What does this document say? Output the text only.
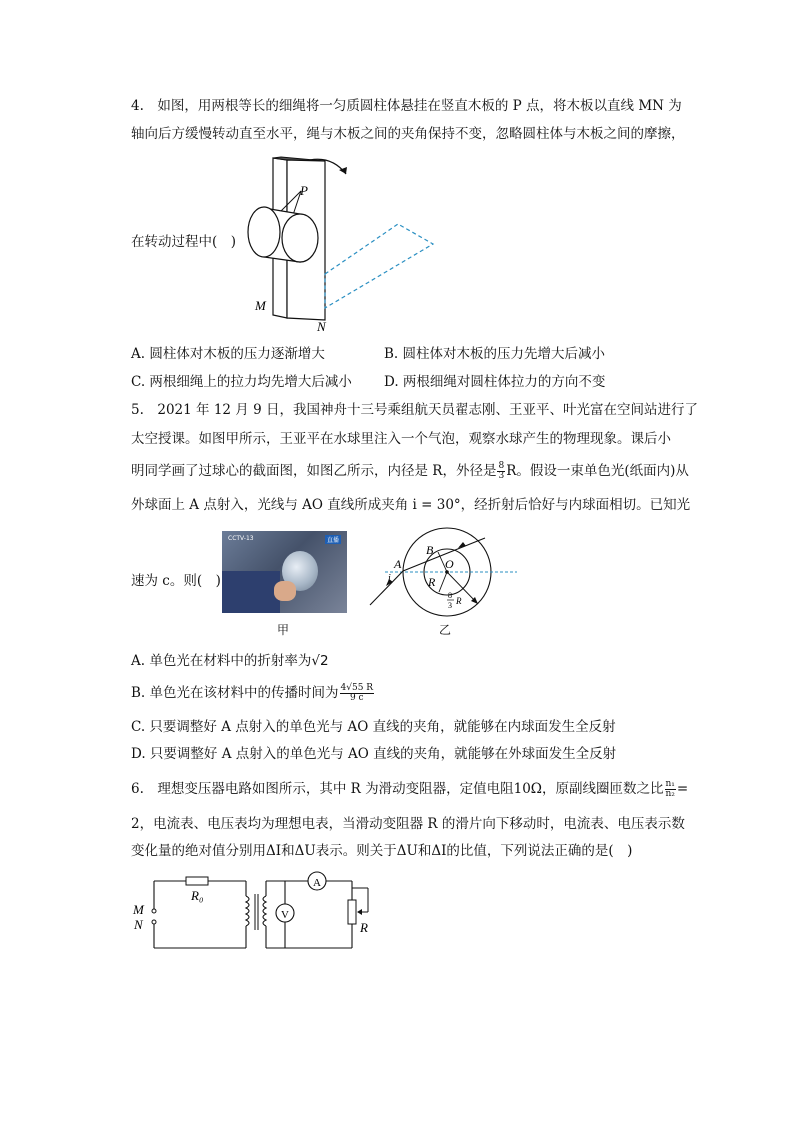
4.　如图，用两根等长的细绳将一匀质圆柱体悬挂在竖直木板的 P 点，将木板以直线 MN 为
轴向后方缓慢转动直至水平，绳与木板之间的夹角保持不变，忽略圆柱体与木板之间的摩擦，
P
M
N
在转动过程中(　)
A. 圆柱体对木板的压力逐渐增大	B. 圆柱体对木板的压力先增大后减小
C. 两根细绳上的拉力均先增大后减小 D. 两根细绳对圆柱体拉力的方向不变
5.　2021 年 12 月 9 日，我国神舟十三号乘组航天员翟志刚、王亚平、叶光富在空间站进行了
太空授课。如图甲所示，王亚平在水球里注入一个气泡，观察水球产生的物理现象。课后小
明同学画了过球心的截面图，如图乙所示，内径是 R，外径是 $\frac{8}{3}$ R。假设一束单色光(纸面内)从
外球面上 A 点射入，光线与 AO 直线所成夹角 i = 30°，经折射后恰好与内球面相切。已知光
速为 c。则(　)
CCTV-13	直播
甲
B
A
i
O
R
8
3 R
乙
A. 单色光在材料中的折射率为√2
B. 单色光在该材料中的传播时间为 $\frac{4√55 R}{9 c}$
C. 只要调整好 A 点射入的单色光与 AO 直线的夹角，就能够在内球面发生全反射
D. 只要调整好 A 点射入的单色光与 AO 直线的夹角，就能够在外球面发生全反射
6.　理想变压器电路如图所示，其中 R 为滑动变阻器，定值电阻10Ω，原副线圈匝数之比 $\frac{\text{n₁}}{\text{n₂}}$ =
2，电流表、电压表均为理想电表，当滑动变阻器 R 的滑片向下移动时，电流表、电压表示数
变化量的绝对值分别用ΔI和ΔU表示。则关于ΔU和ΔI的比值，下列说法正确的是(　)
R₀
M
N
A
V
R
